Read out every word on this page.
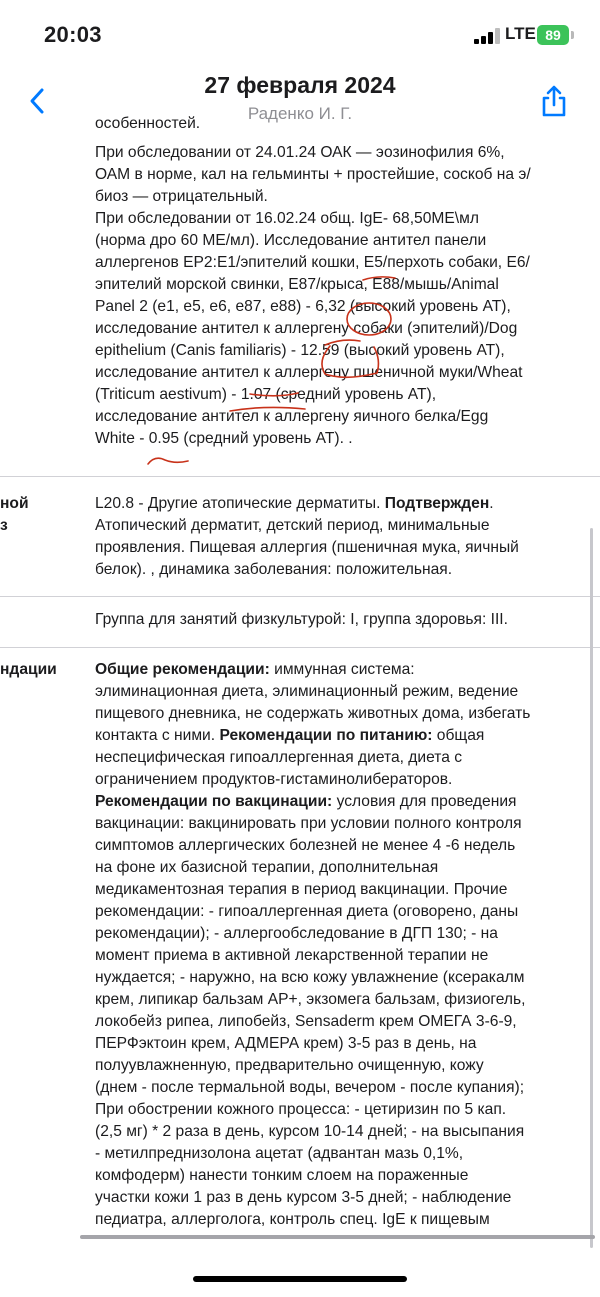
20:03	LTE 89
27 февраля 2024
Раденко И. Г.
особенностей.
При обследовании от 24.01.24 ОАК — эозинофилия 6%,
ОАМ в норме, кал на гельминты + простейшие, соскоб на э/
биоз — отрицательный.
При обследовании от 16.02.24 общ. IgE- 68,50МЕ\мл
(норма дро 60 МЕ/мл). Исследование антител панели
аллергенов EP2:E1/эпителий кошки, E5/перхоть собаки, E6/
эпителий морской свинки, E87/крыса, E88/мышь/Animal
Panel 2 (e1, e5, e6, e87, e88) - 6,32 (высокий уровень АТ),
исследование антител к аллергену собаки (эпителий)/Dog
epithelium (Canis familiaris) - 12.59 (высокий уровень АТ),
исследование антител к аллергену пшеничной муки/Wheat
(Triticum aestivum) - 1.07 (средний уровень АТ),
исследование антител к аллергену яичного белка/Egg
White - 0.95 (средний уровень АТ). .
ной
з
L20.8 - Другие атопические дерматиты. Подтвержден.
Атопический дерматит, детский период, минимальные
проявления. Пищевая аллергия (пшеничная мука, яичный
белок). , динамика заболевания: положительная.
Группа для занятий физкультурой: I, группа здоровья: III.
ндации	Общие рекомендации: иммунная система:
элиминационная диета, элиминационный режим, ведение
пищевого дневника, не содержать животных дома, избегать
контакта с ними. Рекомендации по питанию: общая
неспецифическая гипоаллергенная диета, диета с
ограничением продуктов-гистаминолибераторов.
Рекомендации по вакцинации: условия для проведения
вакцинации: вакцинировать при условии полного контроля
симптомов аллергических болезней не менее 4 -6 недель
на фоне их базисной терапии, дополнительная
медикаментозная терапия в период вакцинации. Прочие
рекомендации: - гипоаллергенная диета (оговорено, даны
рекомендации); - аллергообследование в ДГП 130; - на
момент приема в активной лекарственной терапии не
нуждается; - наружно, на всю кожу увлажнение (ксеракалм
крем, липикар бальзам АР+, экзомега бальзам, физиогель,
локобейз рипеа, липобейз, Sensaderm крем ОМЕГА 3-6-9,
ПЕРФэктоин крем, АДМЕРА крем) 3-5 раз в день, на
полуувлажненную, предварительно очищенную, кожу
(днем - после термальной воды, вечером - после купания);
При обострении кожного процесса: - цетиризин по 5 кап.
(2,5 мг) * 2 раза в день, курсом 10-14 дней; - на высыпания
- метилпреднизолона ацетат (адвантан мазь 0,1%,
комфодерм) нанести тонким слоем на пораженные
участки кожи 1 раз в день курсом 3-5 дней; - наблюдение
педиатра, аллерголога, контроль спец. IgE к пищевым
